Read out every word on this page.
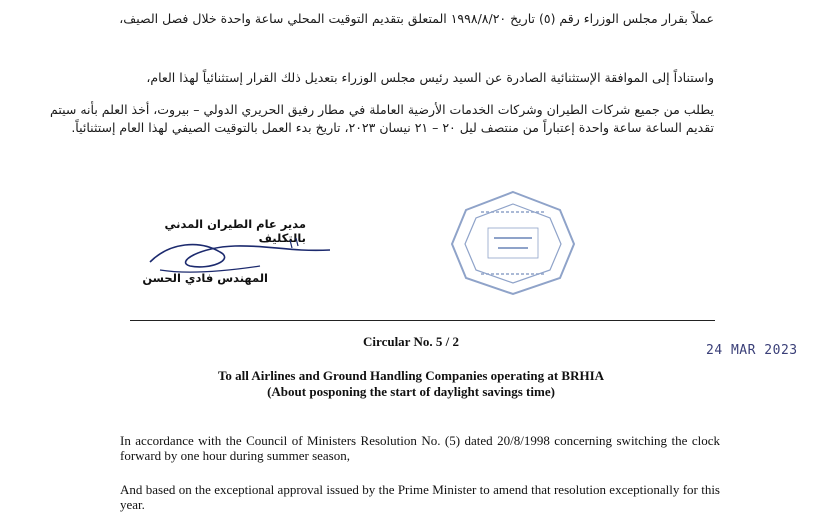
عملاً بقرار مجلس الوزراء رقم (٥) تاريخ ١٩٩٨/٨/٢٠ المتعلق بتقديم التوقيت المحلي ساعة واحدة خلال فصل الصيف،
واستناداً إلى الموافقة الإستثنائية الصادرة عن السيد رئيس مجلس الوزراء بتعديل ذلك القرار إستثنائياً لهذا العام،
يطلب من جميع شركات الطيران وشركات الخدمات الأرضية العاملة في مطار رفيق الحريري الدولي – بيروت، أخذ العلم بأنه سيتم تقديم الساعة ساعة واحدة إعتباراً من منتصف ليل ٢٠ – ٢١ نيسان ٢٠٢٣، تاريخ بدء العمل بالتوقيت الصيفي لهذا العام إستثنائياً.
مدير عام الطيران المدني بالتكليف
المهندس فادي الحسن
Circular No. 5 / 2
24 MAR 2023
To all Airlines and Ground Handling Companies operating at BRHIA
(About posponing the start of daylight savings time)
In accordance with the Council of Ministers Resolution No. (5) dated 20/8/1998 concerning switching the clock forward by one hour during summer season,
And based on the exceptional approval issued by the Prime Minister to amend that resolution exceptionally for this year.
